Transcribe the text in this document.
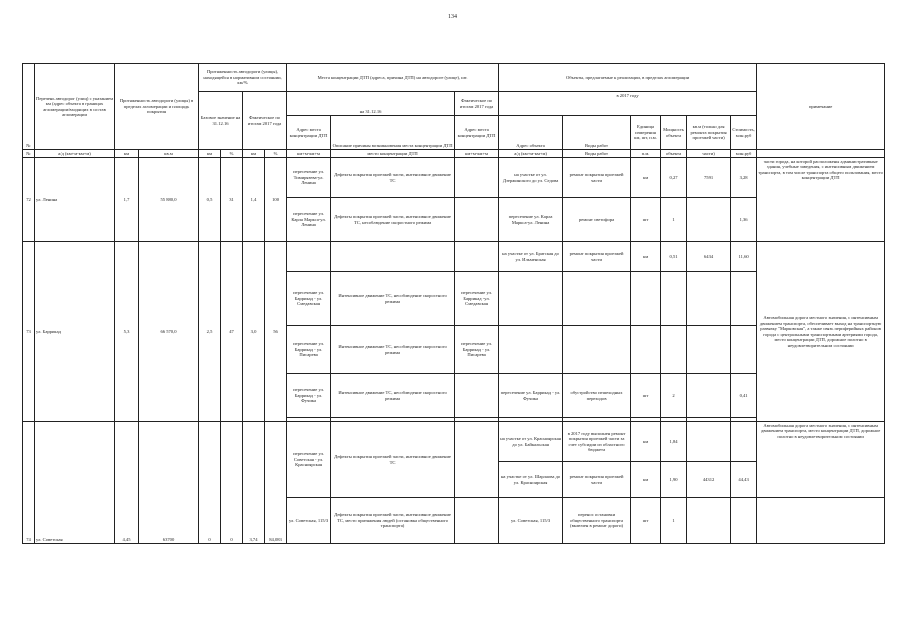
134
№	Перечень автодорог (улиц) с указанием км (адрес объекта в границах агломерации/входящих в состав агломерации	Протяженность автодороги (улицы) в пределах агломерации и площадь покрытия		Протяженность автодороги (улицы), находящейся в нормативном состоянии, км/%				Места концентрации ДТП (адреса, причина ДТП) на автодороге (улице), шт.			Объекты, предлагаемые к реализации, в пределах агломерации						примечание
				Базовое значение на 31.12.16		Фактическое по итогам 2017 года		на 31.12.16		Фактическое по итогам 2017 года	в 2017 году						
								Адрес места концентрации ДТП	Описание причины возникновения места концентрации ДТП	Адрес места концентрации ДТП	Адрес объекта	Виды работ	Единица измерения км, шт, п.м.	Мощность объекта	кв.м (только для ремонта покрытия проезжей части)	Стоимость, млн.руб	
№	а/д (км+м-км+м)	км	кв.м	км	%	км	%	км+м-км+м	место концентрации ДТП	км+м-км+м	а/д (км+м-км+м)	Виды работ	п.м.	объекта	части)	млн.руб	
72	ул. Ленина	1,7	55 880,0	0,5	31	1,4	100	пересечение ул. Тимирязева-ул. Ленина	Дефекты покрытия проезжей части, интенсивное движение ТС		на участке от ул. Дзержинского до ул. Седова	ремонт покрытия проезжей части	км	0,27	7591	3,28	части города, на которой расположены административные здания, учебные заведения, с интенсивным движением транспорта, в том числе транспорта общего пользования, место концентрации ДТП
								пересечение ул. Карла Маркса-ул. Ленина	Дефекты покрытия проезжей части, интенсивное движение ТС, несоблюдение скоростного режима		пересечение ул. Карла Маркса-ул. Ленина	ремонт светофора	шт	1		1,36	
73	ул. Баррикад	5,3	66 570,0	2,5	47	3,0	56				на участке от ул. Братская до ул. Ильменская	ремонт покрытия проезжей части	км	0,51	6434	11,60	Автомобильная дорога местного значения, с интенсивным движением транспорта, обеспечивает выход на транспортную развязку "Марковская", а также связь периферийных районов города с центральными транспортными артериями города, место концентрации ДТП, дорожное полотно в неудовлетворительном состоянии
								пересечение ул. Баррикад - ул. Смедавская	Интенсивное движение ТС, несоблюдение скоростного режима	пересечение ул. Баррикад -ул. Смедавская							
								пересечение ул. Баррикад - ул. Писарева	Интенсивное движение ТС, несоблюдение скоростного режима	пересечение ул. Баррикад - ул. Писарева							
								пересечение ул. Баррикад - ул. Фучика	Интенсивное движение ТС, несоблюдение скоростного режима		пересечение ул. Баррикад - ул. Фучика	обустройство пешеходных переходов	шт	2		0,41	

74	ул. Советская	4,45	63700	0	0	3,74	84,083	пересечение ул. Советская - ул. Красноярская	Дефекты покрытия проезжей части, интенсивное движение ТС		на участке от ул. Красноярская до ул. Байкальская	в 2017 году выполнен ремонт покрытия проезжей части за счет субсидии из областного бюджета	км	1,84			Автомобильная дорога местного значения, с интенсивным движением транспорта, место концентрации ДТП, дорожное полотно в неудовлетворительном состоянии
											на участке от ул. Шарлаова до ул. Красноярская	ремонт покрытия проезжей части	км	1,90	44312	44,43	
								ул. Советская, 115/3	Дефекты покрытия проезжей части, интенсивное движение ТС, место притяжения людей (остановка общественного транспорта)		ул. Советская, 115/3	перенос остановки общественного транспорта (включен в ремонт дороги)	шт	1			
